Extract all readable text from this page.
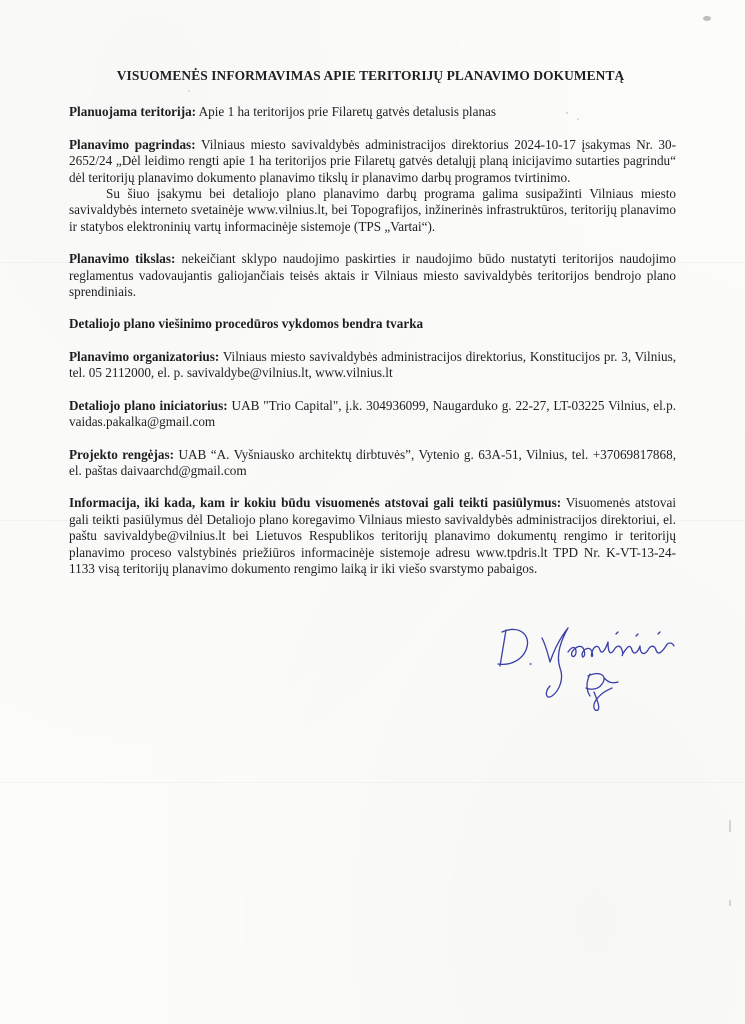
VISUOMENĖS INFORMAVIMAS APIE TERITORIJŲ PLANAVIMO DOKUMENTĄ

Planuojama teritorija: Apie 1 ha teritorijos prie Filaretų gatvės detalusis planas

Planavimo pagrindas: Vilniaus miesto savivaldybės administracijos direktorius 2024-10-17 įsakymas Nr. 30-2652/24 „Dėl leidimo rengti apie 1 ha teritorijos prie Filaretų gatvės detalųjį planą inicijavimo sutarties pagrindu“ dėl teritorijų planavimo dokumento planavimo tikslų ir planavimo darbų programos tvirtinimo.

Su šiuo įsakymu bei detaliojo plano planavimo darbų programa galima susipažinti Vilniaus miesto savivaldybės interneto svetainėje www.vilnius.lt, bei Topografijos, inžinerinės infrastruktūros, teritorijų planavimo ir statybos elektroninių vartų informacinėje sistemoje (TPS „Vartai“).

Planavimo tikslas: nekeičiant sklypo naudojimo paskirties ir naudojimo būdo nustatyti teritorijos naudojimo reglamentus vadovaujantis galiojančiais teisės aktais ir Vilniaus miesto savivaldybės teritorijos bendrojo plano sprendiniais.

Detaliojo plano viešinimo procedūros vykdomos bendra tvarka

Planavimo organizatorius: Vilniaus miesto savivaldybės administracijos direktorius, Konstitucijos pr. 3, Vilnius, tel. 05 2112000, el. p. savivaldybe@vilnius.lt, www.vilnius.lt

Detaliojo plano iniciatorius: UAB "Trio Capital", į.k. 304936099, Naugarduko g. 22-27, LT-03225 Vilnius, el.p. vaidas.pakalka@gmail.com

Projekto rengėjas: UAB “A. Vyšniausko architektų dirbtuvės”, Vytenio g. 63A-51, Vilnius, tel. +37069817868, el. paštas daivaarchd@gmail.com

Informacija, iki kada, kam ir kokiu būdu visuomenės atstovai gali teikti pasiūlymus: Visuomenės atstovai gali teikti pasiūlymus dėl Detaliojo plano koregavimo Vilniaus miesto savivaldybės administracijos direktoriui, el. paštu savivaldybe@vilnius.lt bei Lietuvos Respublikos teritorijų planavimo dokumentų rengimo ir teritorijų planavimo proceso valstybinės priežiūros informacinėje sistemoje adresu www.tpdris.lt TPD Nr. K-VT-13-24-1133 visą teritorijų planavimo dokumento rengimo laiką ir iki viešo svarstymo pabaigos.
